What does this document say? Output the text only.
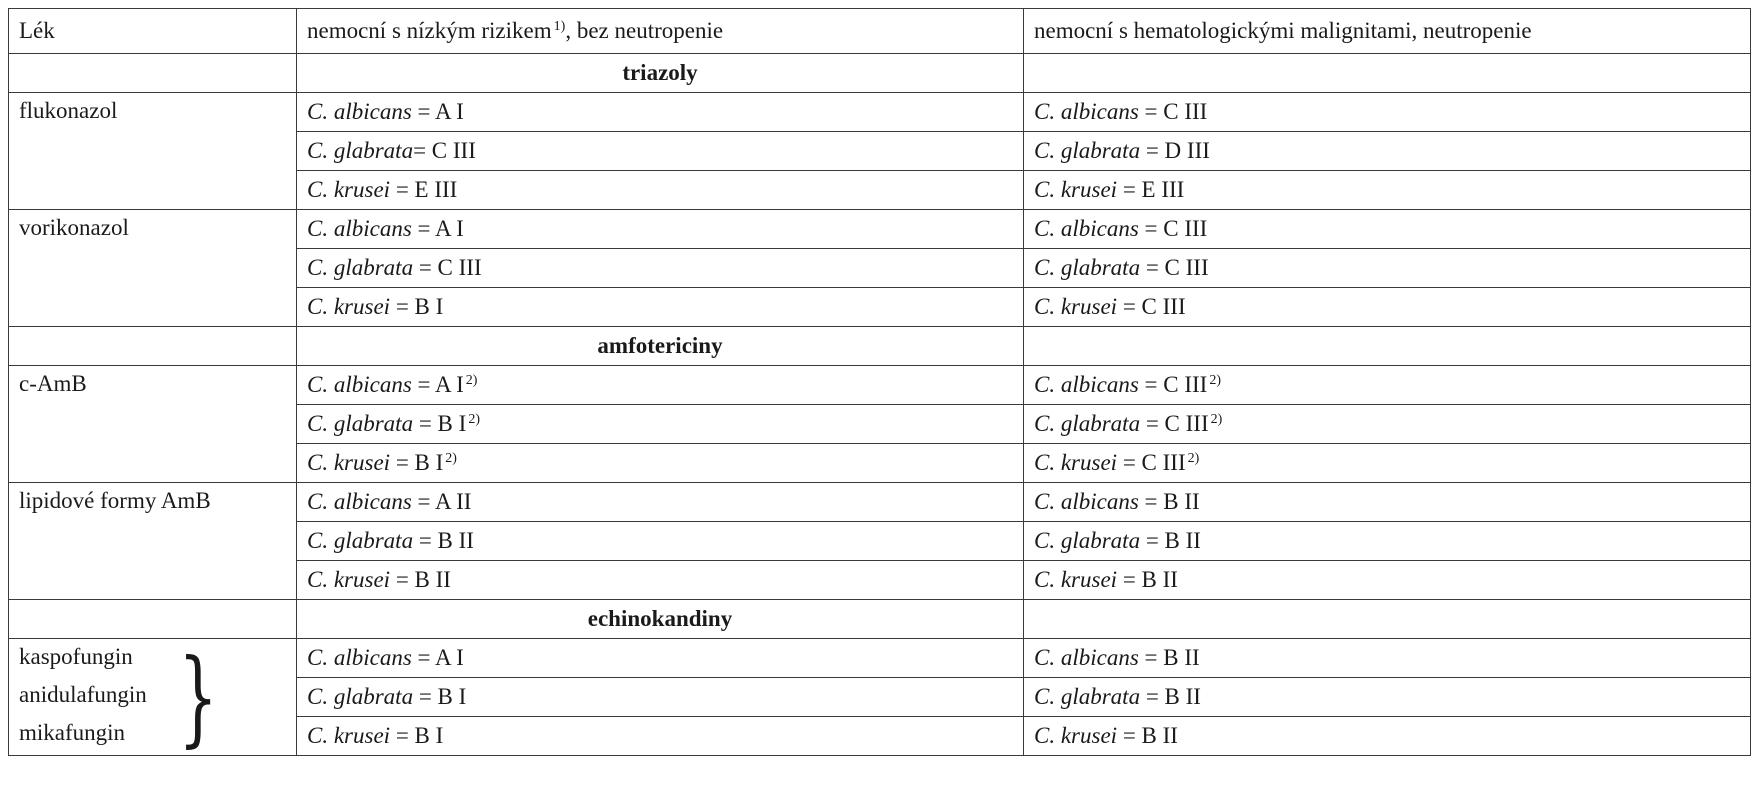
Lék	nemocní s nízkým rizikem $^{1)}$, bez neutropenie	nemocní s hematologickými malignitami, neutropenie
	triazoly	
flukonazol	C. albicans = A I	C. albicans = C III
	C. glabrata= C III	C. glabrata = D III
	C. krusei = E III	C. krusei = E III
vorikonazol	C. albicans = A I	C. albicans = C III
	C. glabrata = C III	C. glabrata = C III
	C. krusei = B I	C. krusei = C III
	amfotericiny	
c-AmB	C. albicans = A I $^{2)}$	C. albicans = C III $^{2)}$
	C. glabrata = B I $^{2)}$	C. glabrata = C III $^{2)}$
	C. krusei = B I $^{2)}$	C. krusei = C III $^{2)}$
lipidové formy AmB	C. albicans = A II	C. albicans = B II
	C. glabrata = B II	C. glabrata = B II
	C. krusei = B II	C. krusei = B II
	echinokandiny	

kaspofungin
anidulafungin
mikafungin }	C. albicans = A I	C. albicans = B II
	C. glabrata = B I	C. glabrata = B II
	C. krusei = B I	C. krusei = B II
